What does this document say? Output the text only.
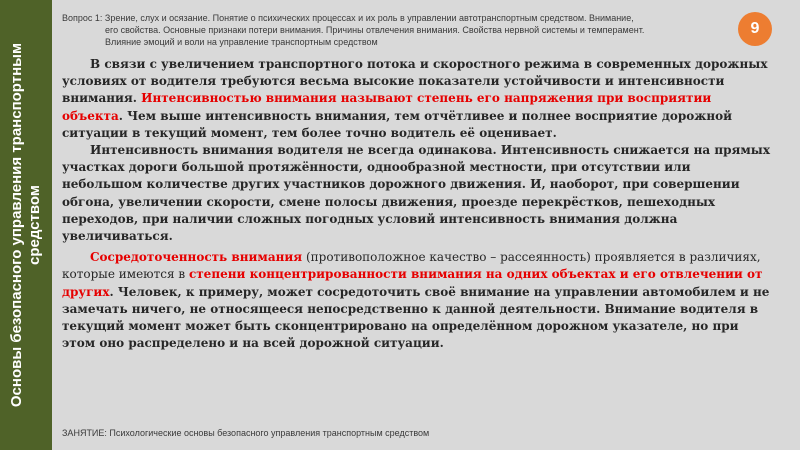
Основы безопасного управления транспортным средством
Вопрос 1: Зрение, слух и осязание. Понятие о психических процессах и их роль в управлении автотранспортным средством. Внимание,
его свойства. Основные признаки потери внимания. Причины отвлечения внимания. Свойства нервной системы и темперамент.
Влияние эмоций и воли на управление транспортным средством
9

В связи с увеличением транспортного потока и скоростного режима в современных дорожных условиях от водителя требуются весьма высокие показатели устойчивости и интенсивности внимания. Интенсивностью внимания называют степень его напряжения при восприятии объекта. Чем выше интенсивность внимания, тем отчётливее и полнее восприятие дорожной ситуации в текущий момент, тем более точно водитель её оценивает.

Интенсивность внимания водителя не всегда одинакова. Интенсивность снижается на прямых участках дороги большой протяжённости, однообразной местности, при отсутствии или небольшом количестве других участников дорожного движения. И, наоборот, при совершении обгона, увеличении скорости, смене полосы движения, проезде перекрёстков, пешеходных переходов, при наличии сложных погодных условий интенсивность внимания должна увеличиваться.

Сосредоточенность внимания (противоположное качество – рассеянность) проявляется в различиях, которые имеются в степени концентрированности внимания на одних объектах и его отвлечении от других. Человек, к примеру, может сосредоточить своё внимание на управлении автомобилем и не замечать ничего, не относящееся непосредственно к данной деятельности. Внимание водителя в текущий момент может быть сконцентрировано на определённом дорожном указателе, но при этом оно распределено и на всей дорожной ситуации.

ЗАНЯТИЕ: Психологические основы безопасного управления транспортным средством
